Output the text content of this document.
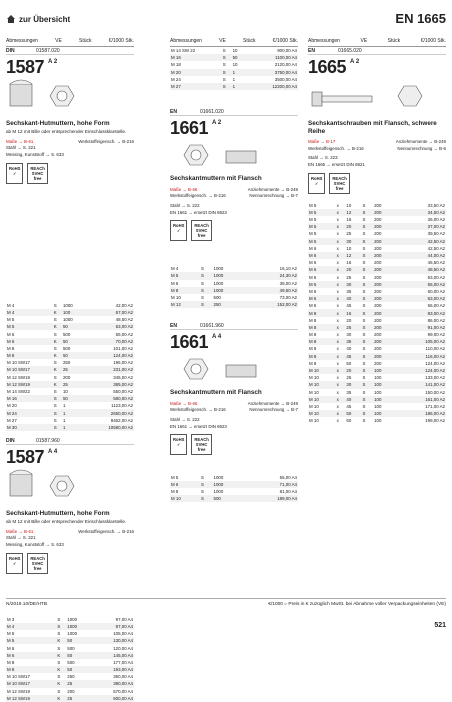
zur Übersicht	EN 1665
Abmessungen	VE	Stück	€/1000 Stk.
DIN	01587.020
1587 A 2
Sechskant-Hutmuttern, hohe Form
ab M 12 mit Bille oder entsprechender Einschlussklarstelle.
Maße → B-61	Werkstoffeigensch. → B-216
Stahl → S. 221
Messing, Kunststoff → S. 633
RoHS
✓
REACh
SVHC
free
M 4	S	1000	42,00 A2
M 4	K	100	57,00 A2
M 5	S	1000	48,50 A2
M 5	K	50	63,00 A2
M 6	S	500	55,00 A2
M 6	K	50	70,00 A2
M 8	S	500	101,00 A2
M 8	K	50	124,00 A2
M 10 SW17	S	250	195,00 A2
M 10 SW17	K	25	231,00 A2
M 12 SW19	S	200	345,00 A2
M 12 SW19	K	25	385,00 A2
M 14 SW22	S	10	550,00 A2
M 16	S	50	580,00 A2
M 20	S	1	1123,00 A2
M 24	S	1	2650,00 A2
M 27	S	1	8462,00 A2
M 30	S	1	10580,00 A2
DIN	01587.960
1587 A 4
Sechskant-Hutmuttern, hohe Form
ab M 12 mit Bille oder entsprechender Einschlussklarstelle.
Maße → B-61	Werkstoffeigensch. → B-216
Stahl → S. 221
Messing, Kunststoff → S. 633
RoHS
✓
REACh
SVHC
free
M 3	S	1000	97,00 A4
M 4	S	1000	97,00 A4
M 5	S	1000	105,00 A4
M 5	K	50	130,00 A4
M 6	S	500	120,00 A4
M 6	K	50	145,00 A4
M 8	S	500	177,00 A4
M 8	K	50	193,00 A4
M 10 SW17	S	250	360,00 A4
M 10 SW17	K	25	390,00 A4
M 12 SW19	S	200	570,00 A4
M 12 SW19	K	25	600,00 A4
Abmessungen	VE	Stück	€/1000 Stk.
M 14 SW 22	S	10	900,00 A4
M 16	S	50	1100,00 A4
M 18	S	10	2120,00 A4
M 20	S	1	3750,00 A4
M 24	S	1	3500,00 A4
M 27	S	1	12200,00 A4
EN	01661.020
1661 A 2
Sechskantmuttern mit Flansch
Maße → B-66	Anziehmomente → B-249
Werkstoffeigensch. → B-216	Nennumrechnung → B-7
Stahl → S. 222
EN 1661 → ersetzt DIN 6923
RoHS
✓
REACh
SVHC
free
M 4	S	1000	16,10 A2
M 5	S	1000	24,30 A2
M 6	S	1000	39,00 A2
M 8	S	1000	49,50 A2
M 10	S	500	73,00 A2
M 12	S	250	152,00 A2
EN	01661.960
1661 A 4
Sechskantmuttern mit Flansch
Maße → B-66	Anziehmomente → B-249
Werkstoffeigensch. → B-216	Nennumrechnung → B-7
Stahl → S. 222
EN 1661 → ersetzt DIN 6923
RoHS
✓
REACh
SVHC
free
M 5	S	1000	55,00 A4
M 6	S	1000	71,00 A4
M 8	S	1000	81,00 A4
M 10	S	500	189,00 A4
Abmessungen	VE	Stück	€/1000 Stk.
EN	01665.020
1665 A 2
Sechskantschrauben mit Flansch, schwere Reihe
Maße → B-17	Anziehmomente → B-249
Werkstoffeigensch. → B-216	Nennumrechnung → B-6
Stahl → S. 223
EN 1665 → ersetzt DIN 6921
RoHS
✓
REACh
SVHC
free
M 5	x	10	S	200	33,50 A2
M 5	x	12	S	200	34,50 A2
M 5	x	16	S	200	36,00 A2
M 5	x	20	S	200	37,00 A2
M 5	x	25	S	200	39,50 A2
M 5	x	30	S	200	42,50 A2
M 6	x	10	S	200	42,50 A2
M 6	x	12	S	200	44,00 A2
M 6	x	16	S	200	46,50 A2
M 6	x	20	S	200	48,50 A2
M 6	x	25	S	200	53,00 A2
M 6	x	30	S	200	55,00 A2
M 6	x	35	S	200	60,00 A2
M 6	x	40	S	200	63,00 A2
M 6	x	45	S	200	66,00 A2
M 8	x	16	S	200	83,00 A2
M 8	x	20	S	200	86,00 A2
M 8	x	25	S	200	91,00 A2
M 8	x	30	S	200	99,00 A2
M 8	x	35	S	200	105,00 A2
M 8	x	40	S	200	110,00 A2
M 8	x	45	S	200	116,00 A2
M 8	x	50	S	200	124,00 A2
M 10	x	20	S	100	124,00 A2
M 10	x	25	S	100	133,00 A2
M 10	x	30	S	100	141,00 A2
M 10	x	35	S	100	150,00 A2
M 10	x	40	S	100	161,00 A2
M 10	x	45	S	100	171,00 A2
M 10	x	50	S	100	186,00 A2
M 10	x	60	S	100	199,00 A2
N/2019.10/DE/HTB	€/1000 = Preis in € zuzüglich MwSt. bei Abnahme voller Verpackungseinheiten (VE)
521
